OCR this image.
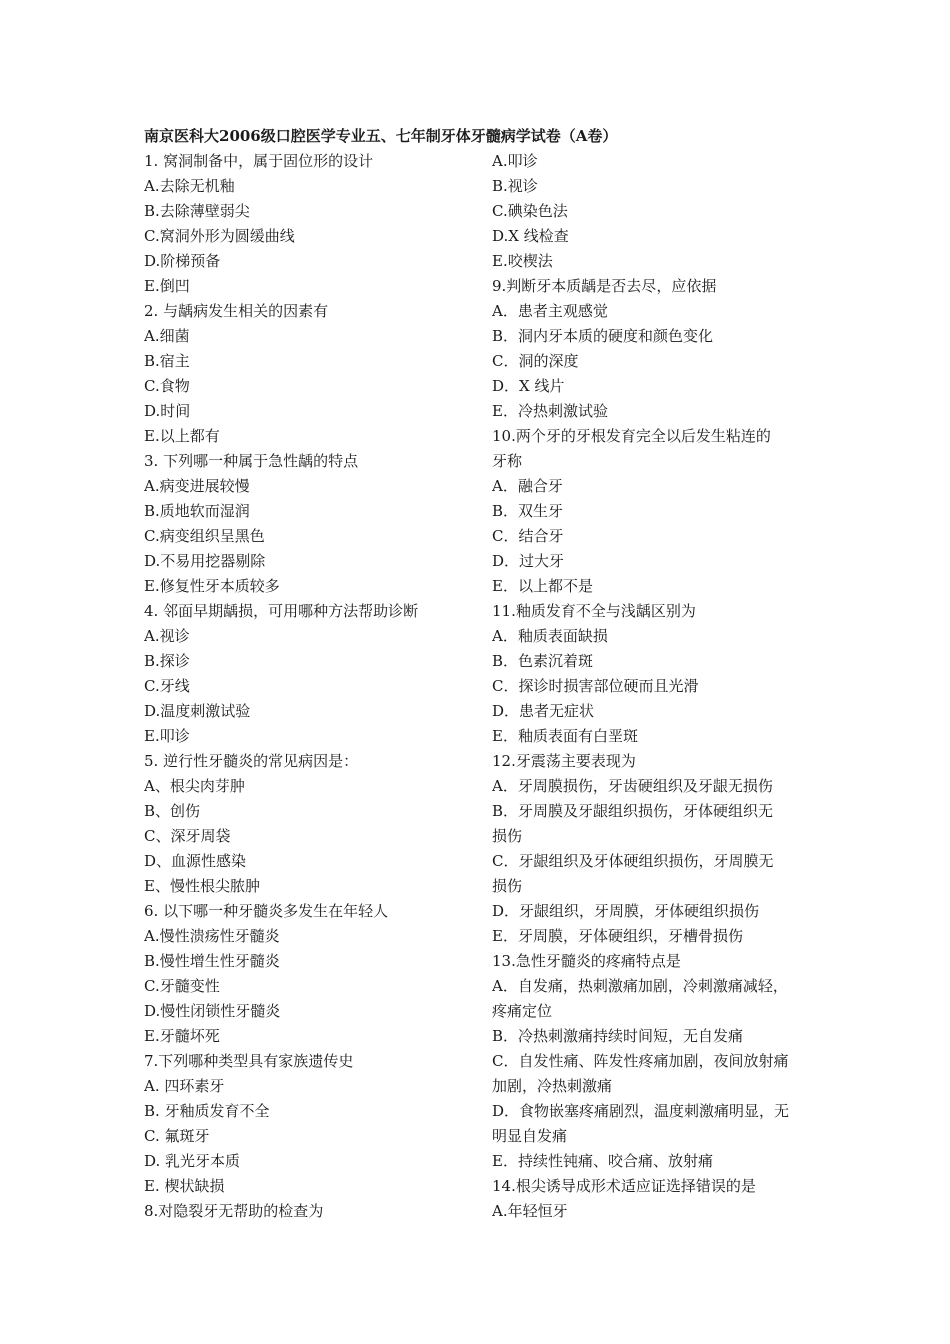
南京医科大2006级口腔医学专业五、七年制牙体牙髓病学试卷（A卷）
1. 窝洞制备中，属于固位形的设计
A.去除无机釉
B.去除薄壁弱尖
C.窝洞外形为圆缓曲线
D.阶梯预备
E.倒凹
2. 与龋病发生相关的因素有
A.细菌
B.宿主
C.食物
D.时间
E.以上都有
3. 下列哪一种属于急性龋的特点
A.病变进展较慢
B.质地软而湿润
C.病变组织呈黑色
D.不易用挖器剔除
E.修复性牙本质较多
4. 邻面早期龋损，可用哪种方法帮助诊断
A.视诊
B.探诊
C.牙线
D.温度刺激试验
E.叩诊
5. 逆行性牙髓炎的常见病因是：
A、根尖肉芽肿
B、创伤
C、深牙周袋
D、血源性感染
E、慢性根尖脓肿
6. 以下哪一种牙髓炎多发生在年轻人
A.慢性溃疡性牙髓炎
B.慢性增生性牙髓炎
C.牙髓变性
D.慢性闭锁性牙髓炎
E.牙髓坏死
7.下列哪种类型具有家族遗传史
A. 四环素牙
B. 牙釉质发育不全
C. 氟斑牙
D. 乳光牙本质
E. 楔状缺损
8.对隐裂牙无帮助的检查为
A.叩诊
B.视诊
C.碘染色法
D.X 线检查
E.咬楔法
9.判断牙本质龋是否去尽，应依据
A．患者主观感觉
B．洞内牙本质的硬度和颜色变化
C．洞的深度
D．X 线片
E．冷热刺激试验
10.两个牙的牙根发育完全以后发生粘连的
牙称
A．融合牙
B．双生牙
C．结合牙
D．过大牙
E．以上都不是
11.釉质发育不全与浅龋区别为
A．釉质表面缺损
B．色素沉着斑
C．探诊时损害部位硬而且光滑
D．患者无症状
E．釉质表面有白垩斑
12.牙震荡主要表现为
A．牙周膜损伤，牙齿硬组织及牙龈无损伤
B．牙周膜及牙龈组织损伤，牙体硬组织无
损伤
C．牙龈组织及牙体硬组织损伤，牙周膜无
损伤
D．牙龈组织，牙周膜，牙体硬组织损伤
E．牙周膜，牙体硬组织，牙槽骨损伤
13.急性牙髓炎的疼痛特点是
A．自发痛，热刺激痛加剧，冷刺激痛减轻，
疼痛定位
B．冷热刺激痛持续时间短，无自发痛
C．自发性痛、阵发性疼痛加剧，夜间放射痛
加剧，冷热刺激痛
D．食物嵌塞疼痛剧烈，温度刺激痛明显，无
明显自发痛
E．持续性钝痛、咬合痛、放射痛
14.根尖诱导成形术适应证选择错误的是
A.年轻恒牙
